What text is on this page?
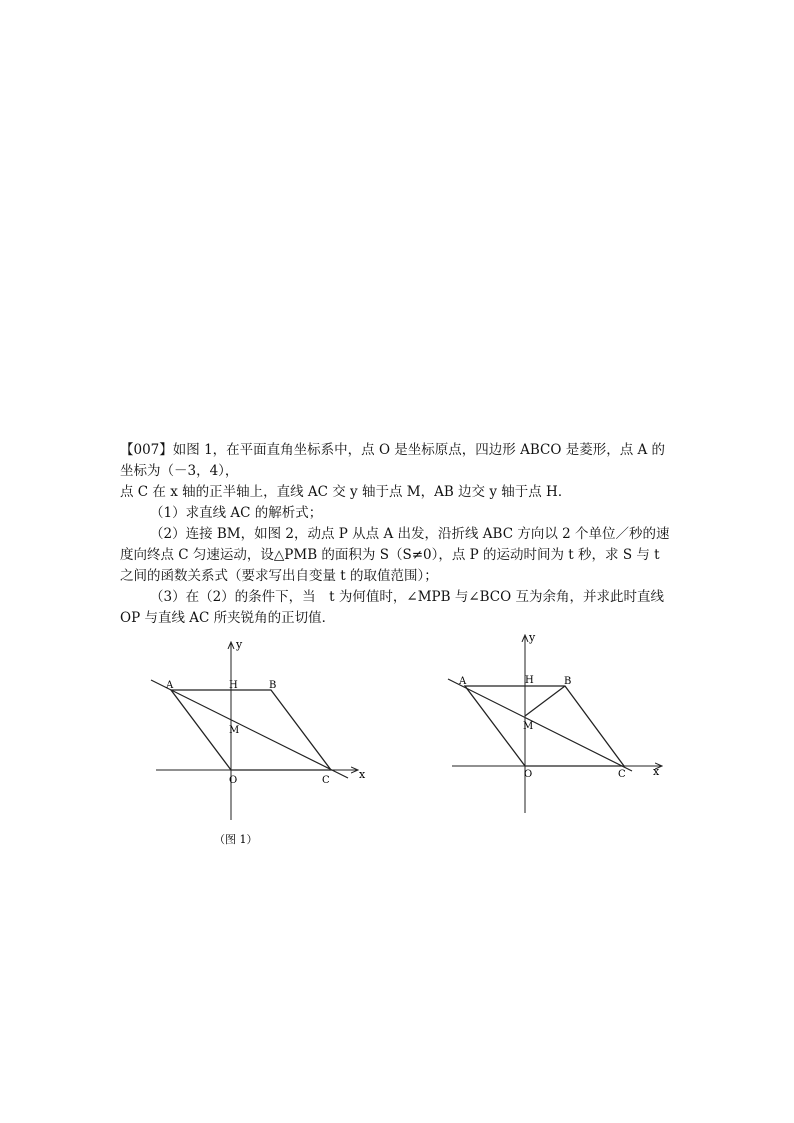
【007】如图 1，在平面直角坐标系中，点 O 是坐标原点，四边形 ABCO 是菱形，点 A 的

坐标为（－3，4），

点 C 在 x 轴的正半轴上，直线 AC 交 y 轴于点 M，AB 边交 y 轴于点 H．

（1）求直线 AC 的解析式；

（2）连接 BM，如图 2，动点 P 从点 A 出发，沿折线 ABC 方向以 2 个单位／秒的速

度向终点 C 匀速运动，设△PMB 的面积为 S（S≠0），点 P 的运动时间为 t 秒，求 S 与 t

之间的函数关系式（要求写出自变量 t 的取值范围）；

（3）在（2）的条件下，当　t 为何值时，∠MPB 与∠BCO 互为余角，并求此时直线

OP 与直线 AC 所夹锐角的正切值．

y
A	H	B
M
O	C	x
（图 1）
y
A	H	B
M
O	C x
